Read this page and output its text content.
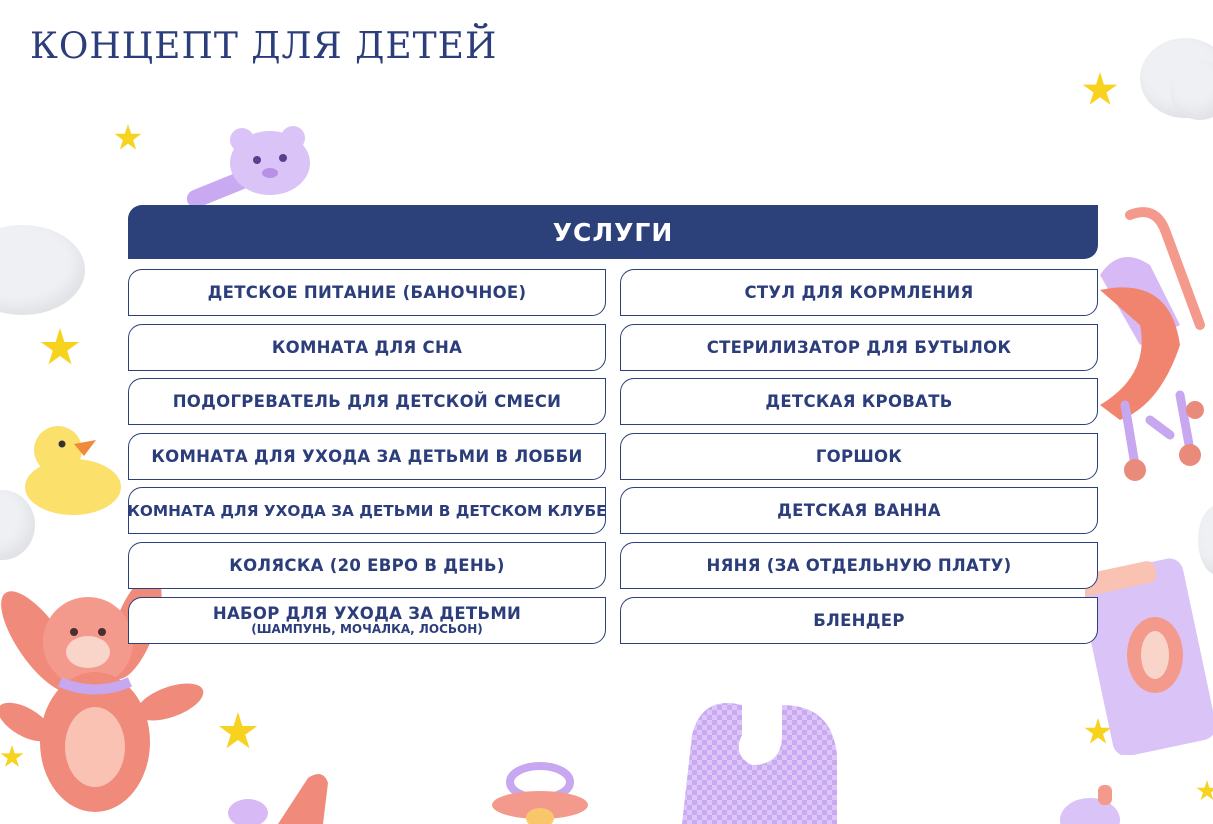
КОНЦЕПТ ДЛЯ ДЕТЕЙ
УСЛУГИ
ДЕТСКОЕ ПИТАНИЕ (БАНОЧНОЕ)
КОМНАТА ДЛЯ СНА
ПОДОГРЕВАТЕЛЬ ДЛЯ ДЕТСКОЙ СМЕСИ
КОМНАТА ДЛЯ УХОДА ЗА ДЕТЬМИ В ЛОББИ
КОМНАТА ДЛЯ УХОДА ЗА ДЕТЬМИ В ДЕТСКОМ КЛУБЕ
КОЛЯСКА (20 ЕВРО В ДЕНЬ)
НАБОР ДЛЯ УХОДА ЗА ДЕТЬМИ
(ШАМПУНЬ, МОЧАЛКА, ЛОСЬОН)
СТУЛ ДЛЯ КОРМЛЕНИЯ
СТЕРИЛИЗАТОР ДЛЯ БУТЫЛОК
ДЕТСКАЯ КРОВАТЬ
ГОРШОК
ДЕТСКАЯ ВАННА
НЯНЯ (ЗА ОТДЕЛЬНУЮ ПЛАТУ)
БЛЕНДЕР
